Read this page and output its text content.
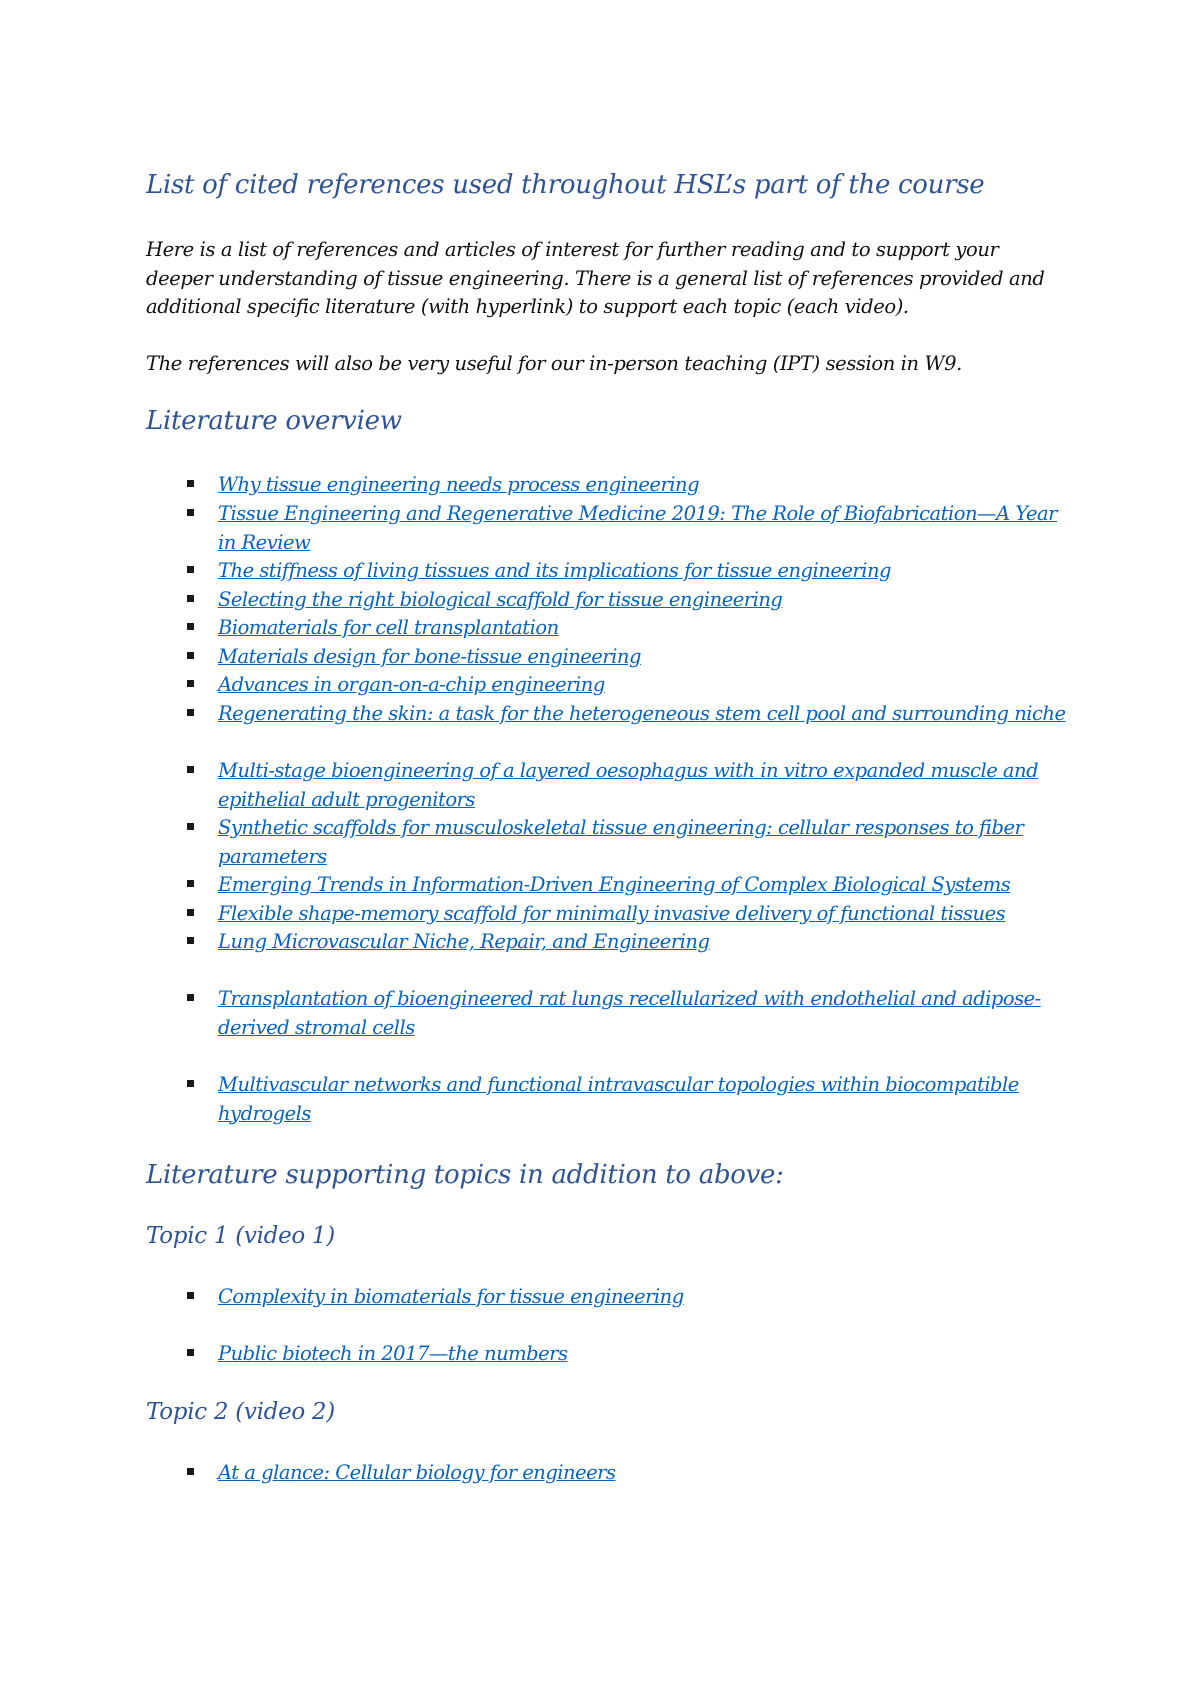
List of cited references used throughout HSL’s part of the course

Here is a list of references and articles of interest for further reading and to support your deeper understanding of tissue engineering. There is a general list of references provided and additional specific literature (with hyperlink) to support each topic (each video).

The references will also be very useful for our in-person teaching (IPT) session in W9.

Literature overview
Why tissue engineering needs process engineering
Tissue Engineering and Regenerative Medicine 2019: The Role of Biofabrication—A Year in Review
The stiffness of living tissues and its implications for tissue engineering
Selecting the right biological scaffold for tissue engineering
Biomaterials for cell transplantation
Materials design for bone-tissue engineering
Advances in organ-on-a-chip engineering
Regenerating the skin: a task for the heterogeneous stem cell pool and surrounding niche
Multi-stage bioengineering of a layered oesophagus with in vitro expanded muscle and epithelial adult progenitors
Synthetic scaffolds for musculoskeletal tissue engineering: cellular responses to fiber parameters
Emerging Trends in Information-Driven Engineering of Complex Biological Systems
Flexible shape-memory scaffold for minimally invasive delivery of functional tissues
Lung Microvascular Niche, Repair, and Engineering
Transplantation of bioengineered rat lungs recellularized with endothelial and adipose-derived stromal cells
Multivascular networks and functional intravascular topologies within biocompatible hydrogels
Literature supporting topics in addition to above:
Topic 1 (video 1)
Complexity in biomaterials for tissue engineering
Public biotech in 2017—the numbers
Topic 2 (video 2)
At a glance: Cellular biology for engineers
